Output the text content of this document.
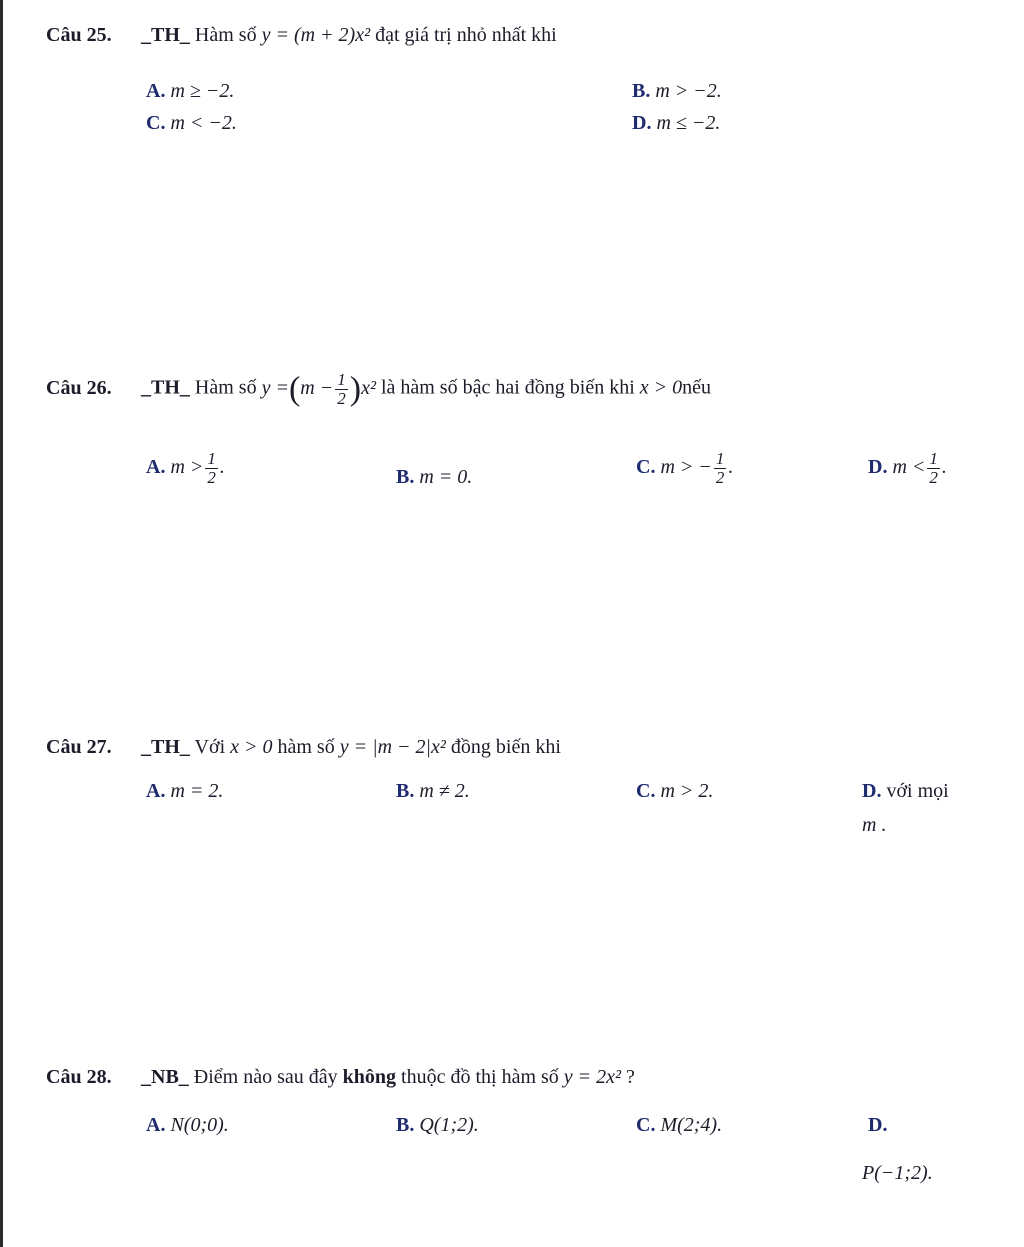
Câu 25. _TH_ Hàm số y = (m + 2)x² đạt giá trị nhỏ nhất khi
A. m ≥ −2.	B. m > −2.
C. m < −2.	D. m ≤ −2.
Câu 26. _TH_ Hàm số $y =(m - \frac{1}{2} )x^2$ là hàm số bậc hai đồng biến khi x > 0nếu
A. $m > \frac{1}{2}$ .	B. m = 0.	C. m > − $\frac{1}{2}$ .	D. $m < \frac{1}{2}$ .
Câu 27. _TH_ Với x > 0 hàm số y = |m − 2|x² đồng biến khi
A. m = 2.	B. m ≠ 2.	C. m > 2.	D. với mọi
m .
Câu 28. _NB_ Điểm nào sau đây không thuộc đồ thị hàm số y = 2x² ?
A. N(0;0).	B. Q(1;2).	C. M(2;4).	D.
P(−1;2).
